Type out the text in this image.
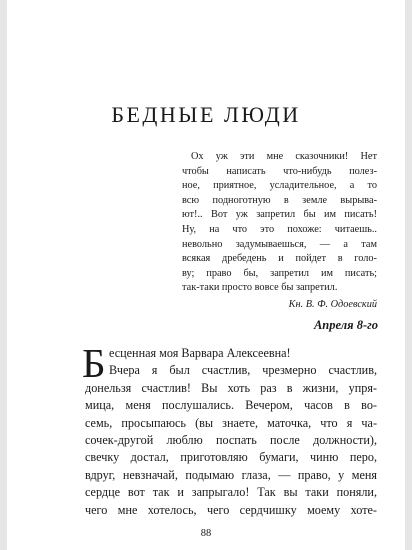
БЕДНЫЕ ЛЮДИ
Ох уж эти мне сказочники! Нет
чтобы написать что-нибудь полез-
ное, приятное, усладительное, а то
всю подноготную в земле вырыва-
ют!.. Вот уж запретил бы им писать!
Ну, на что это похоже: читаешь..
невольно задумываешься, — а там
всякая дребедень и пойдет в голо-
ву; право бы, запретил им писать;
так-таки просто вовсе бы запретил.
Кн. В. Ф. Одоевский

Апреля 8-го

Б есценная моя Варвара Алексеевна!
Вчера я был счастлив, чрезмерно счастлив,
донельзя счастлив! Вы хоть раз в жизни, упря-
мица, меня послушались. Вечером, часов в во-
семь, просыпаюсь (вы знаете, маточка, что я ча-
сочек-другой люблю поспать после должности),
свечку достал, приготовляю бумаги, чиню перо,
вдруг, невзначай, подымаю глаза, — право, у меня
сердце вот так и запрыгало! Так вы таки поняли,
чего мне хотелось, чего сердчишку моему хоте-
88
